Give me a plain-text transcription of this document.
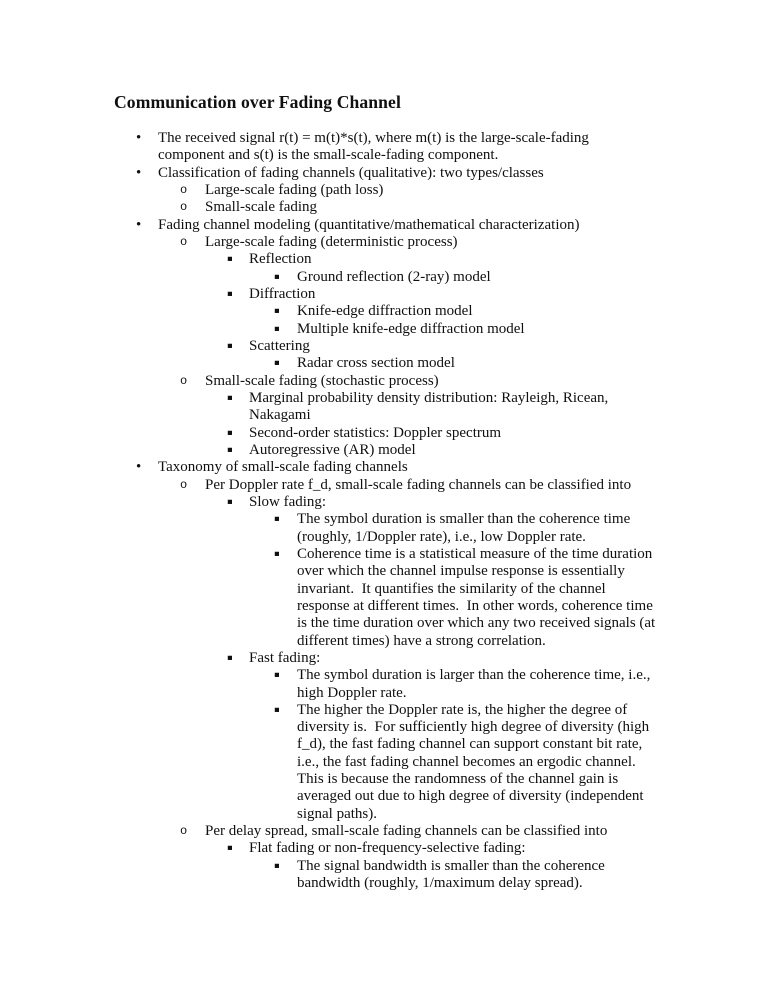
Communication over Fading Channel
• The received signal r(t) = m(t)*s(t), where m(t) is the large-scale-fading component and s(t) is the small-scale-fading component.
• Classification of fading channels (qualitative): two types/classes
o Large-scale fading (path loss)
o Small-scale fading
• Fading channel modeling (quantitative/mathematical characterization)
o Large-scale fading (deterministic process)
▪ Reflection
▪ Ground reflection (2-ray) model
▪ Diffraction
▪ Knife-edge diffraction model
▪ Multiple knife-edge diffraction model
▪ Scattering
▪ Radar cross section model
o Small-scale fading (stochastic process)
▪ Marginal probability density distribution: Rayleigh, Ricean, Nakagami
▪ Second-order statistics: Doppler spectrum
▪ Autoregressive (AR) model
• Taxonomy of small-scale fading channels
o Per Doppler rate f_d, small-scale fading channels can be classified into
▪ Slow fading:
▪ The symbol duration is smaller than the coherence time (roughly, 1/Doppler rate), i.e., low Doppler rate.
▪ Coherence time is a statistical measure of the time duration over which the channel impulse response is essentially invariant.  It quantifies the similarity of the channel response at different times.  In other words, coherence time is the time duration over which any two received signals (at different times) have a strong correlation.
▪ Fast fading:
▪ The symbol duration is larger than the coherence time, i.e., high Doppler rate.
▪ The higher the Doppler rate is, the higher the degree of diversity is.  For sufficiently high degree of diversity (high f_d), the fast fading channel can support constant bit rate, i.e., the fast fading channel becomes an ergodic channel.  This is because the randomness of the channel gain is averaged out due to high degree of diversity (independent signal paths).
o Per delay spread, small-scale fading channels can be classified into
▪ Flat fading or non-frequency-selective fading:
▪ The signal bandwidth is smaller than the coherence bandwidth (roughly, 1/maximum delay spread).
